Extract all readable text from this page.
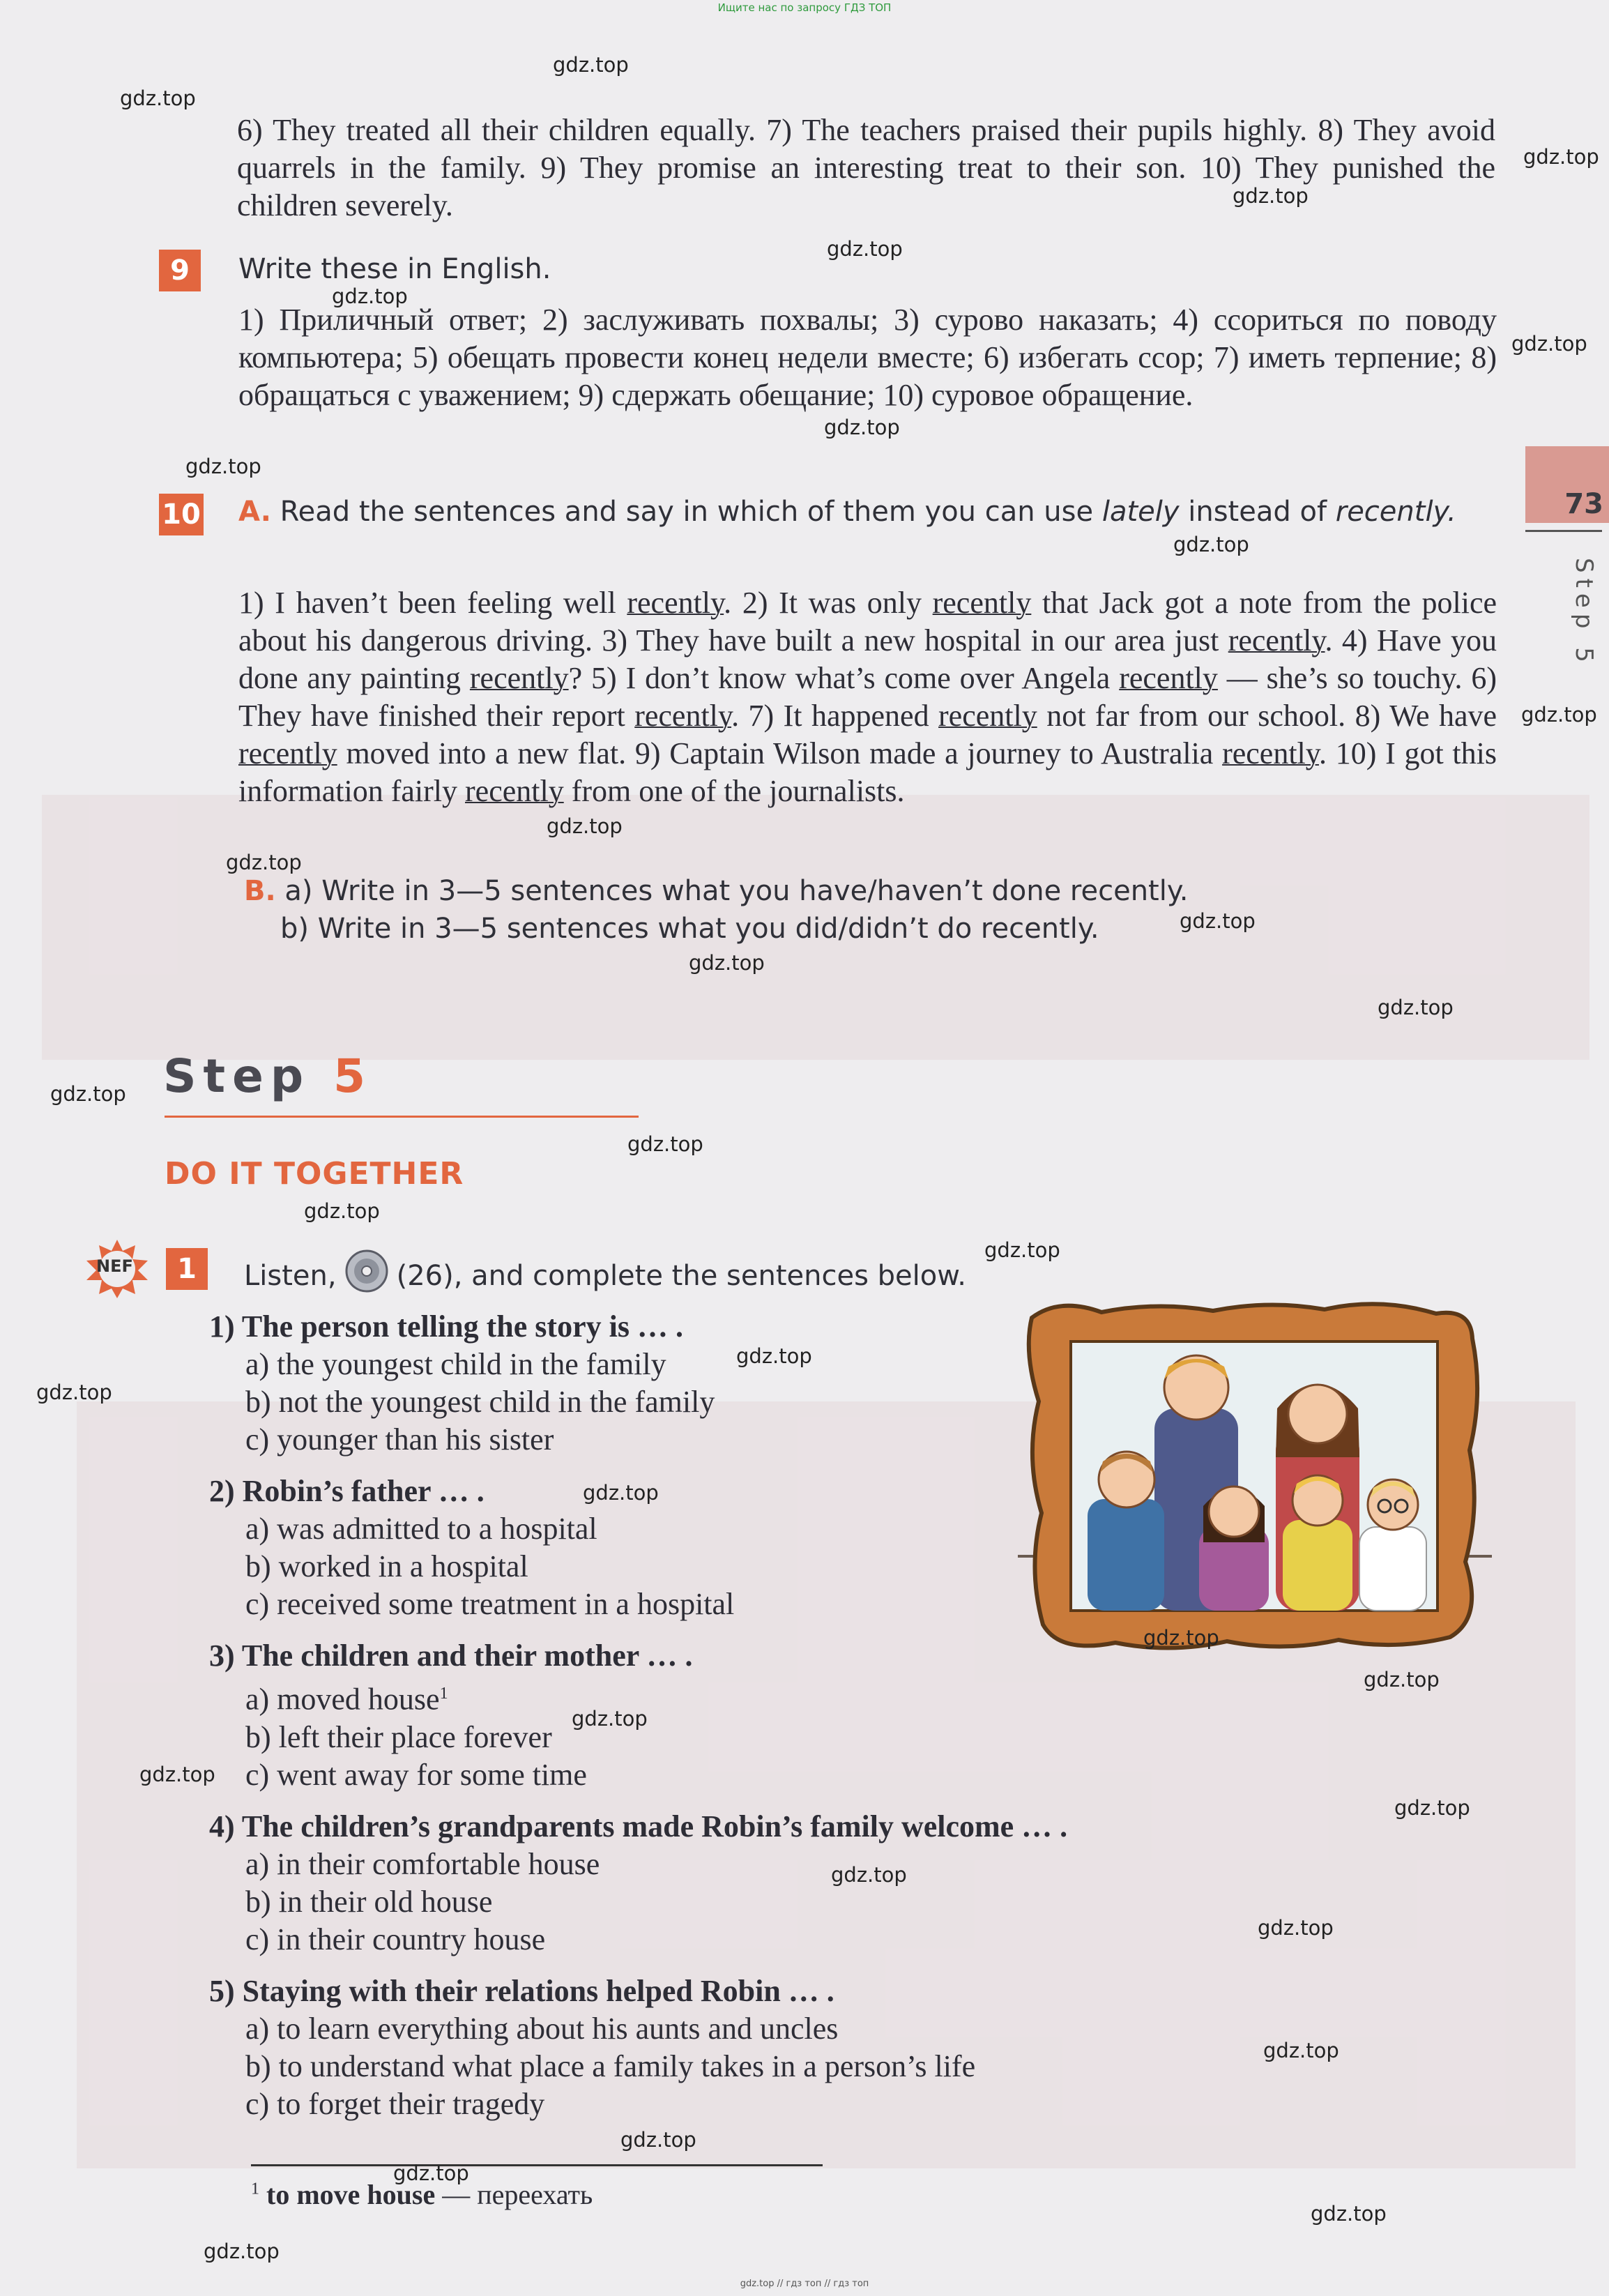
Ищите нас по запросу ГДЗ ТОП
gdz.top // гдз топ // гдз топ
73
Step 5
6) They treated all their children equally. 7) The teachers praised their pupils highly. 8) They avoid quarrels in the family. 9) They promise an interesting treat to their son. 10) They punished the children severely.
9	Write these in English.
1) Приличный ответ; 2) заслуживать похвалы; 3) сурово наказать; 4) ссориться по поводу компьютера; 5) обещать провести конец недели вместе; 6) избегать ссор; 7) иметь терпение; 8) обращаться с уважением; 9) сдержать обещание; 10) суровое обращение.
10 A. Read the sentences and say in which of them you can use lately instead of recently.
1) I haven’t been feeling well recently. 2) It was only recently that Jack got a note from the police about his dangerous driving. 3) They have built a new hospital in our area just recently. 4) Have you done any painting recently? 5) I don’t know what’s come over Angela recently — she’s so touchy. 6) They have finished their report recently. 7) It happened recently not far from our school. 8) We have recently moved into a new flat. 9) Captain Wilson made a journey to Australia recently. 10) I got this information fairly recently from one of the journalists.
B. a) Write in 3—5 sentences what you have/haven’t done recently.
b) Write in 3—5 sentences what you did/didn’t do recently.
Step 5
DO IT TOGETHER
NEF	1	Listen, (26), and complete the sentences below.
1) The person telling the story is … .
a) the youngest child in the family
b) not the youngest child in the family
c) younger than his sister
2) Robin’s father … .
a) was admitted to a hospital
b) worked in a hospital
c) received some treatment in a hospital
3) The children and their mother … .
a) moved house$^1$
b) left their place forever
c) went away for some time
4) The children’s grandparents made Robin’s family welcome … .
a) in their comfortable house
b) in their old house
c) in their country house
5) Staying with their relations helped Robin … .
a) to learn everything about his aunts and uncles
b) to understand what place a family takes in a person’s life
c) to forget their tragedy
$^1$ to move house — переехать
gdz.top
gdz.top
gdz.top
gdz.top
gdz.top
gdz.top
gdz.top
gdz.top
gdz.top
gdz.top
gdz.top
gdz.top
gdz.top
gdz.top
gdz.top
gdz.top
gdz.top
gdz.top
gdz.top
gdz.top
gdz.top
gdz.top
gdz.top
gdz.top
gdz.top
gdz.top
gdz.top
gdz.top
gdz.top
gdz.top
gdz.top
gdz.top
gdz.top
gdz.top
gdz.top
